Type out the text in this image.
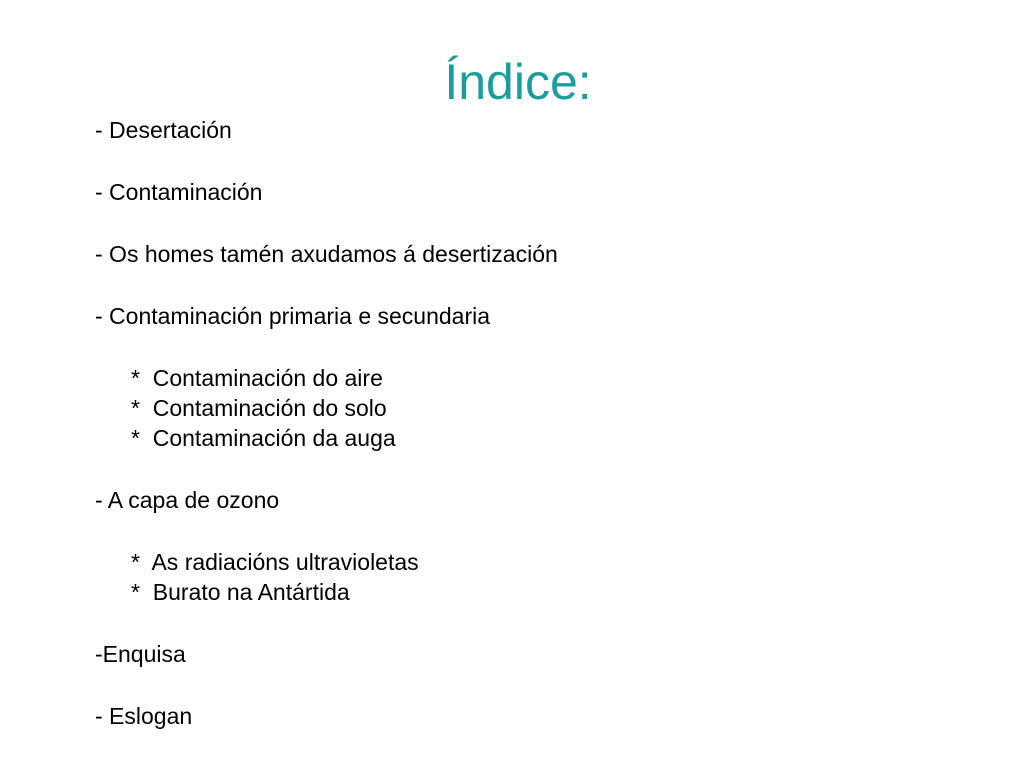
Índice:
- Desertación
- Contaminación
- Os homes tamén axudamos á desertización
- Contaminación primaria e secundaria
*  Contaminación do aire
*  Contaminación do solo
*  Contaminación da auga
- A capa de ozono
*  As radiacións ultravioletas
*  Burato na Antártida
-Enquisa
- Eslogan
